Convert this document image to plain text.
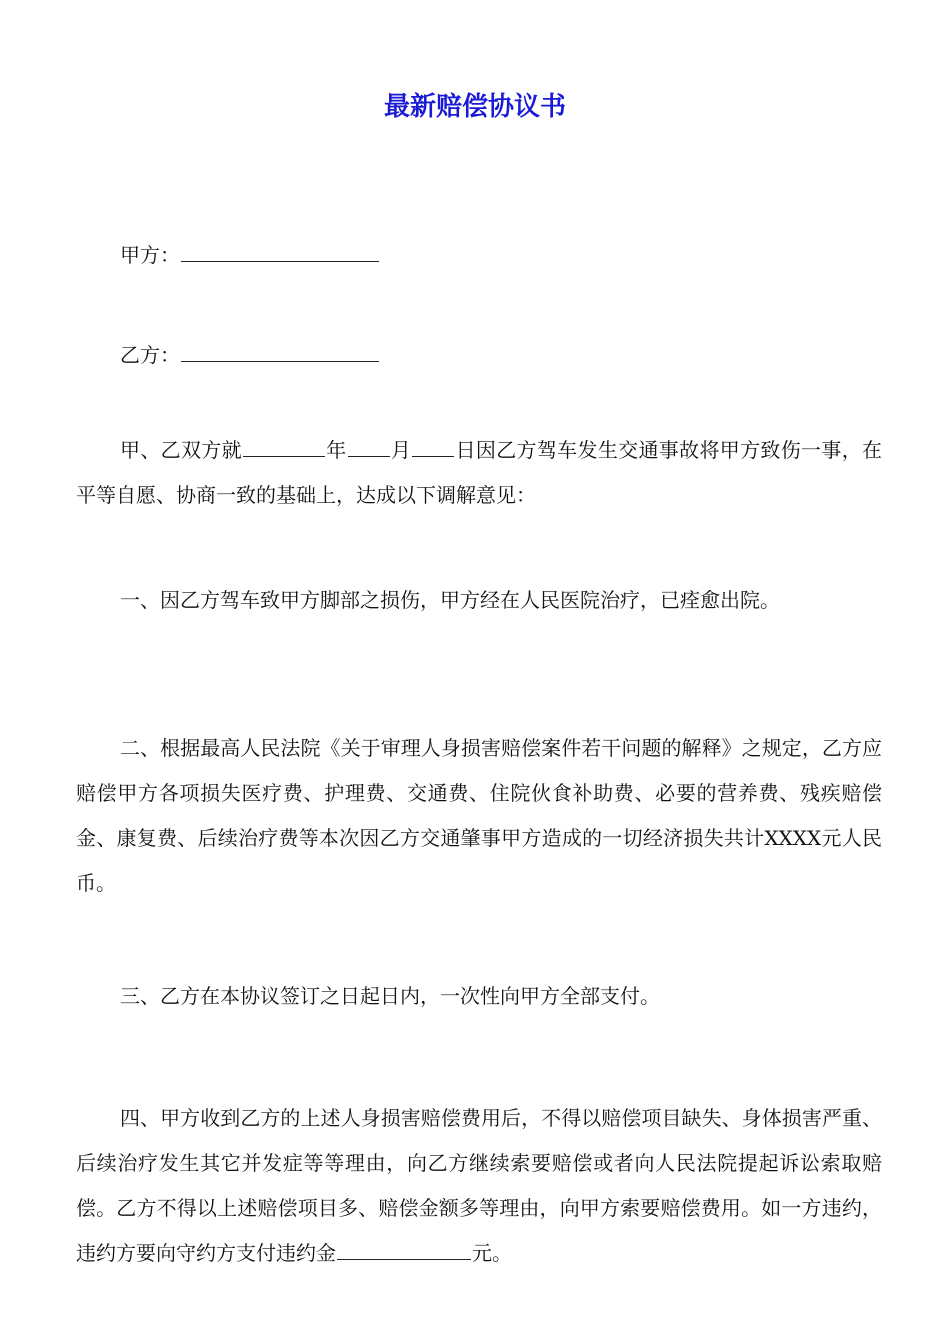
最新赔偿协议书
甲方：
乙方：

甲、乙双方就	年 月 日因乙方驾车发生交通事故将甲方致伤一事，在平等自愿、协商一致的基础上，达成以下调解意见：

一、因乙方驾车致甲方脚部之损伤，甲方经在人民医院治疗，已痊愈出院。

二、根据最高人民法院《关于审理人身损害赔偿案件若干问题的解释》之规定，乙方应赔偿甲方各项损失医疗费、护理费、交通费、住院伙食补助费、必要的营养费、残疾赔偿金、康复费、后续治疗费等本次因乙方交通肇事甲方造成的一切经济损失共计XXXX元人民币。

三、乙方在本协议签订之日起日内，一次性向甲方全部支付。

四、甲方收到乙方的上述人身损害赔偿费用后，不得以赔偿项目缺失、身体损害严重、后续治疗发生其它并发症等等理由，向乙方继续索要赔偿或者向人民法院提起诉讼索取赔偿。乙方不得以上述赔偿项目多、赔偿金额多等理由，向甲方索要赔偿费用。如一方违约，违约方要向守约方支付违约金	元。
